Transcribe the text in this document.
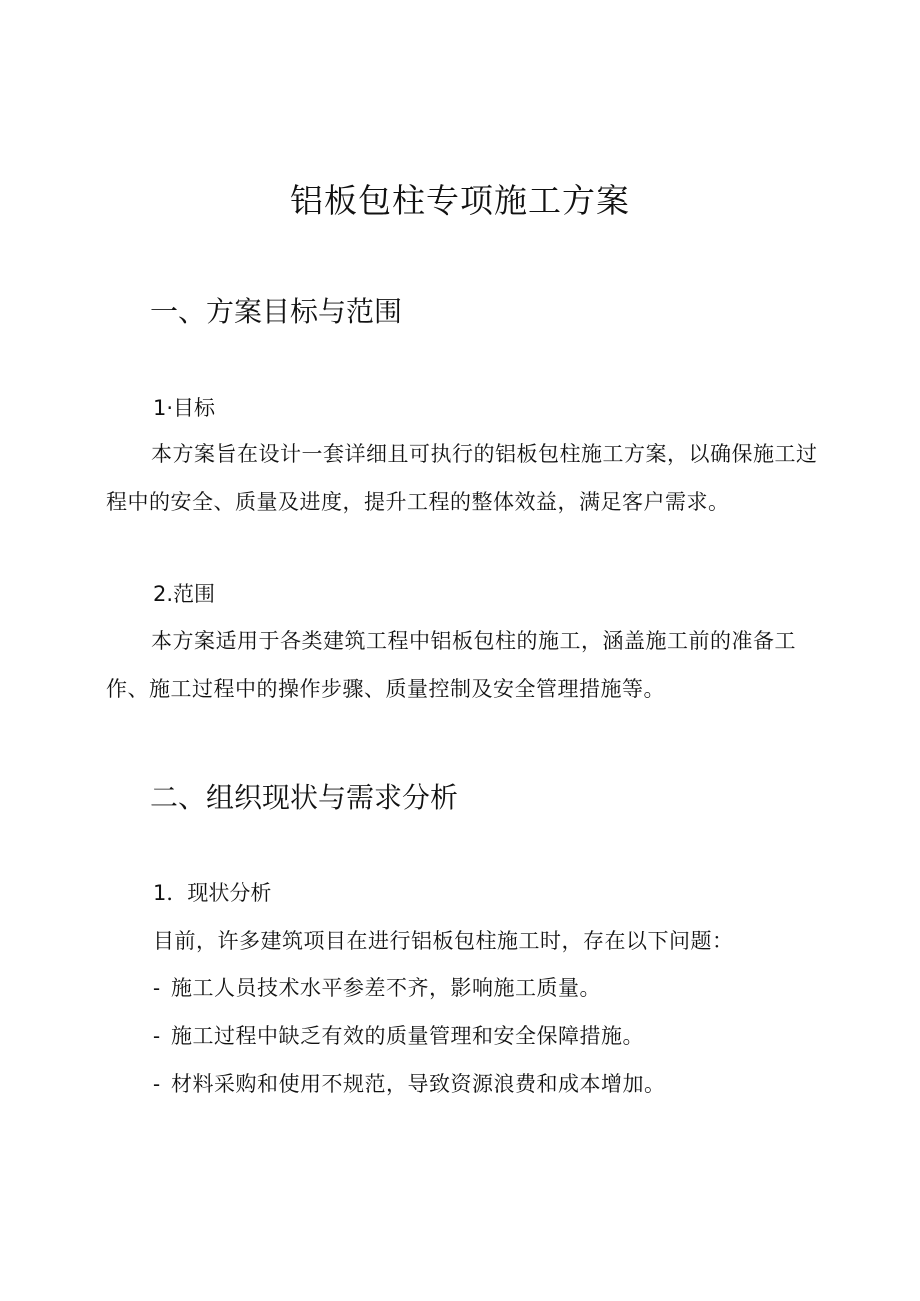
铝板包柱专项施工方案
一、方案目标与范围
1·目标

本方案旨在设计一套详细且可执行的铝板包柱施工方案，以确保施工过程中的安全、质量及进度，提升工程的整体效益，满足客户需求。

2.范围

本方案适用于各类建筑工程中铝板包柱的施工，涵盖施工前的准备工作、施工过程中的操作步骤、质量控制及安全管理措施等。

二、组织现状与需求分析
1．现状分析

目前，许多建筑项目在进行铝板包柱施工时，存在以下问题：

- 施工人员技术水平参差不齐，影响施工质量。

- 施工过程中缺乏有效的质量管理和安全保障措施。

- 材料采购和使用不规范，导致资源浪费和成本增加。
